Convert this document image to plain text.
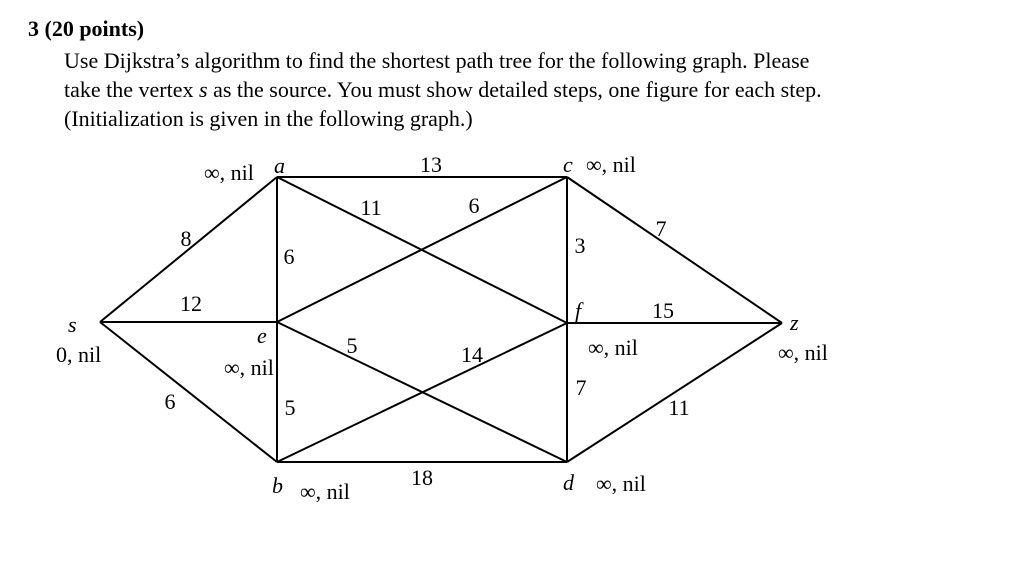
3 (20 points)
Use Dijkstra’s algorithm to find the shortest path tree for the following graph. Please
take the vertex s as the source. You must show detailed steps, one figure for each step.
(Initialization is given in the following graph.)
8
12
6
13
6
11	6
3
7
15
5	14
5
7
11
18
s
0, nil
a
∞, nil	c ∞, nil
e
∞, nil
f
∞, nil
z
∞, nil
b ∞, nil	d ∞, nil
